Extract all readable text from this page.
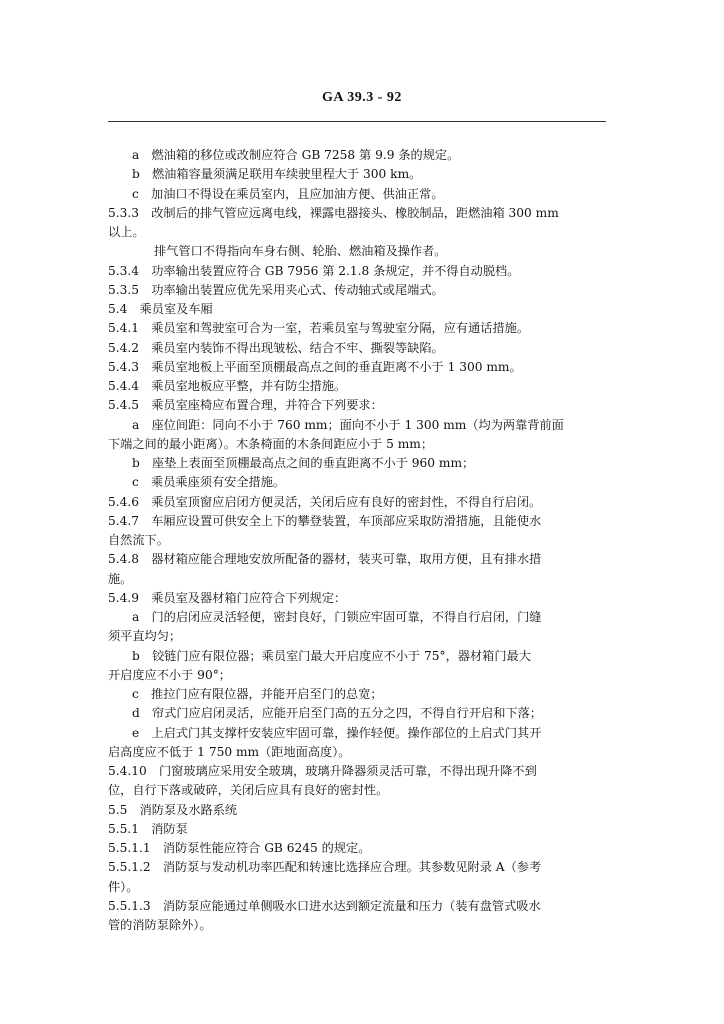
GA 39.3 - 92
a　燃油箱的移位或改制应符合 GB 7258 第 9.9 条的规定。
b　燃油箱容量须满足联用车续驶里程大于 300 km。
c　加油口不得设在乘员室内，且应加油方便、供油正常。
5.3.3　改制后的排气管应远离电线，裸露电器接头、橡胶制品，距燃油箱 300 mm
以上。
排气管口不得指向车身右侧、轮胎、燃油箱及操作者。
5.3.4　功率输出装置应符合 GB 7956 第 2.1.8 条规定，并不得自动脱档。
5.3.5　功率输出装置应优先采用夹心式、传动轴式或尾端式。
5.4　乘员室及车厢
5.4.1　乘员室和驾驶室可合为一室，若乘员室与驾驶室分隔，应有通话措施。
5.4.2　乘员室内装饰不得出现皱松、结合不牢、撕裂等缺陷。
5.4.3　乘员室地板上平面至顶棚最高点之间的垂直距离不小于 1 300 mm。
5.4.4　乘员室地板应平整，并有防尘措施。
5.4.5　乘员室座椅应布置合理，并符合下列要求：
a　座位间距：同向不小于 760 mm；面向不小于 1 300 mm（均为两靠背前面
下端之间的最小距离）。木条椅面的木条间距应小于 5 mm；
b　座垫上表面至顶棚最高点之间的垂直距离不小于 960 mm；
c　乘员乘座须有安全措施。
5.4.6　乘员室顶窗应启闭方便灵活，关闭后应有良好的密封性，不得自行启闭。
5.4.7　车厢应设置可供安全上下的攀登装置，车顶部应采取防滑措施，且能使水
自然流下。
5.4.8　器材箱应能合理地安放所配备的器材，装夹可靠，取用方便，且有排水措
施。
5.4.9　乘员室及器材箱门应符合下列规定：
a　门的启闭应灵活轻便，密封良好，门锁应牢固可靠，不得自行启闭，门缝
须平直均匀；
b　铰链门应有限位器；乘员室门最大开启度应不小于 75°，器材箱门最大
开启度应不小于 90°；
c　推拉门应有限位器，并能开启至门的总宽；
d　帘式门应启闭灵活，应能开启至门高的五分之四，不得自行开启和下落；
e　上启式门其支撑杆安装应牢固可靠，操作轻便。操作部位的上启式门其开
启高度应不低于 1 750 mm（距地面高度）。
5.4.10　门窗玻璃应采用安全玻璃，玻璃升降器须灵活可靠，不得出现升降不到
位，自行下落或破碎，关闭后应具有良好的密封性。
5.5　消防泵及水路系统
5.5.1　消防泵
5.5.1.1　消防泵性能应符合 GB 6245 的规定。
5.5.1.2　消防泵与发动机功率匹配和转速比选择应合理。其参数见附录 A（参考
件）。
5.5.1.3　消防泵应能通过单侧吸水口进水达到额定流量和压力（装有盘管式吸水
管的消防泵除外）。
